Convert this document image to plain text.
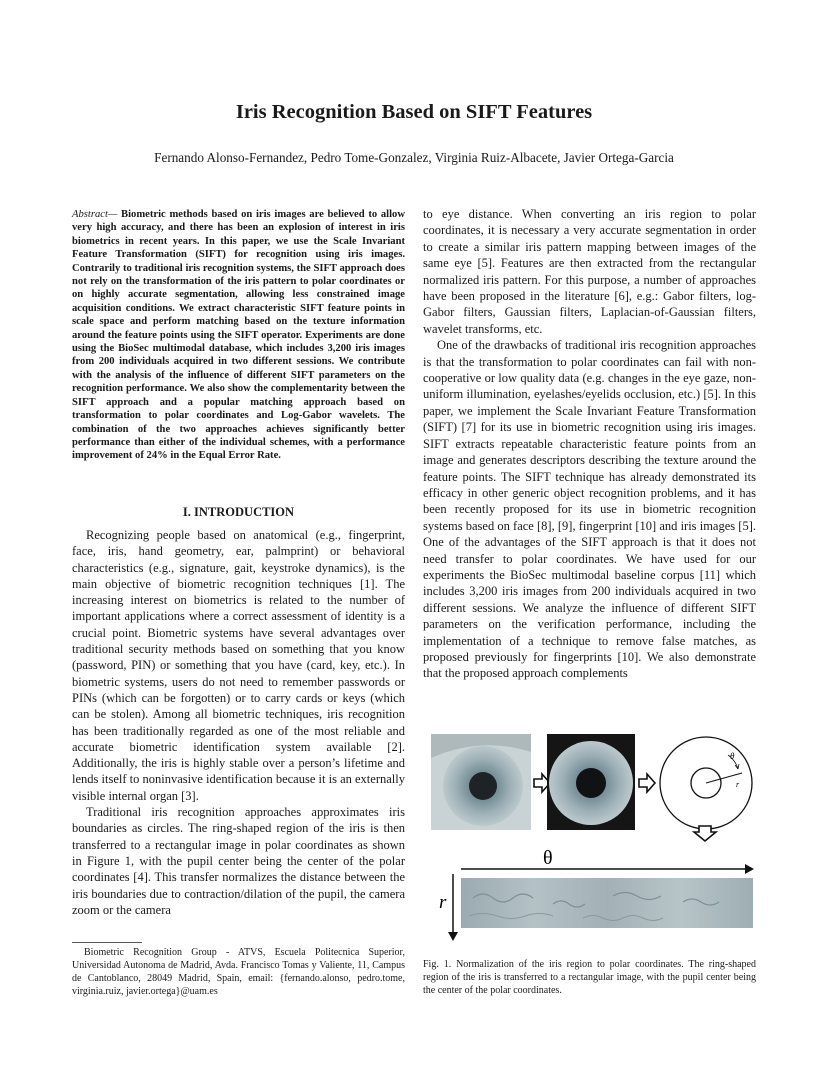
Iris Recognition Based on SIFT Features

Fernando Alonso-Fernandez, Pedro Tome-Gonzalez, Virginia Ruiz-Albacete, Javier Ortega-Garcia

Abstract— Biometric methods based on iris images are believed to allow very high accuracy, and there has been an explosion of interest in iris biometrics in recent years. In this paper, we use the Scale Invariant Feature Transformation (SIFT) for recognition using iris images. Contrarily to traditional iris recognition systems, the SIFT approach does not rely on the transformation of the iris pattern to polar coordinates or on highly accurate segmentation, allowing less constrained image acquisition conditions. We extract characteristic SIFT feature points in scale space and perform matching based on the texture information around the feature points using the SIFT operator. Experiments are done using the BioSec multimodal database, which includes 3,200 iris images from 200 individuals acquired in two different sessions. We contribute with the analysis of the influence of different SIFT parameters on the recognition performance. We also show the complementarity between the SIFT approach and a popular matching approach based on transformation to polar coordinates and Log-Gabor wavelets. The combination of the two approaches achieves significantly better performance than either of the individual schemes, with a performance improvement of 24% in the Equal Error Rate.

I. INTRODUCTION

Recognizing people based on anatomical (e.g., fingerprint, face, iris, hand geometry, ear, palmprint) or behavioral characteristics (e.g., signature, gait, keystroke dynamics), is the main objective of biometric recognition techniques [1]. The increasing interest on biometrics is related to the number of important applications where a correct assessment of identity is a crucial point. Biometric systems have several advantages over traditional security methods based on something that you know (password, PIN) or something that you have (card, key, etc.). In biometric systems, users do not need to remember passwords or PINs (which can be forgotten) or to carry cards or keys (which can be stolen). Among all biometric techniques, iris recognition has been traditionally regarded as one of the most reliable and accurate biometric identification system available [2]. Additionally, the iris is highly stable over a person’s lifetime and lends itself to noninvasive identification because it is an externally visible internal organ [3].

Traditional iris recognition approaches approximates iris boundaries as circles. The ring-shaped region of the iris is then transferred to a rectangular image in polar coordinates as shown in Figure 1, with the pupil center being the center of the polar coordinates [4]. This transfer normalizes the distance between the iris boundaries due to contraction/dilation of the pupil, the camera zoom or the camera

Biometric Recognition Group - ATVS, Escuela Politecnica Superior, Universidad Autonoma de Madrid, Avda. Francisco Tomas y Valiente, 11, Campus de Cantoblanco, 28049 Madrid, Spain, email: {fernando.alonso, pedro.tome, virginia.ruiz, javier.ortega}@uam.es

to eye distance. When converting an iris region to polar coordinates, it is necessary a very accurate segmentation in order to create a similar iris pattern mapping between images of the same eye [5]. Features are then extracted from the rectangular normalized iris pattern. For this purpose, a number of approaches have been proposed in the literature [6], e.g.: Gabor filters, log-Gabor filters, Gaussian filters, Laplacian-of-Gaussian filters, wavelet transforms, etc.

One of the drawbacks of traditional iris recognition approaches is that the transformation to polar coordinates can fail with non-cooperative or low quality data (e.g. changes in the eye gaze, non-uniform illumination, eyelashes/eyelids occlusion, etc.) [5]. In this paper, we implement the Scale Invariant Feature Transformation (SIFT) [7] for its use in biometric recognition using iris images. SIFT extracts repeatable characteristic feature points from an image and generates descriptors describing the texture around the feature points. The SIFT technique has already demonstrated its efficacy in other generic object recognition problems, and it has been recently proposed for its use in biometric recognition systems based on face [8], [9], fingerprint [10] and iris images [5]. One of the advantages of the SIFT approach is that it does not need transfer to polar coordinates. We have used for our experiments the BioSec multimodal baseline corpus [11] which includes 3,200 iris images from 200 individuals acquired in two different sessions. We analyze the influence of different SIFT parameters on the verification performance, including the implementation of a technique to remove false matches, as proposed previously for fingerprints [10]. We also demonstrate that the proposed approach complements

θ
r
θ
r

Fig. 1. Normalization of the iris region to polar coordinates. The ring-shaped region of the iris is transferred to a rectangular image, with the pupil center being the center of the polar coordinates.
